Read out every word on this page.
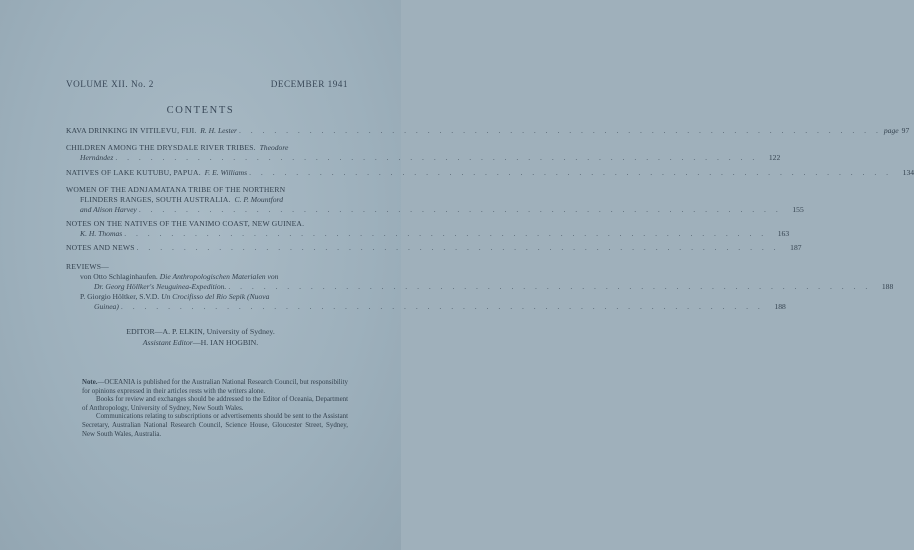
VOLUME XII. No. 2	DECEMBER 1941
CONTENTS
KAVA DRINKING IN VITILEVU, FIJI.
R. H. Lester . . . . . . . . . . . . . . . . . . . . . . . . . . . . . . . . . . . . . . . . . . . . . . . . . . . . . . . page 97
CHILDREN AMONG THE DRYSDALE RIVER TRIBES.
Theodore
Hernández . . . . . . . . . . . . . . . . . . . . . . . . . . . . . . . . . . . . . . . . . . . . . . . . . . . . . . .	122
NATIVES OF LAKE KUTUBU, PAPUA.
F. E. Williams . . . . . . . . . . . . . . . . . . . . . . . . . . . . . . . . . . . . . . . . . . . . . . . . . . . . . . .	134
WOMEN OF THE ADNJAMATANA TRIBE OF THE NORTHERN
FLINDERS RANGES, SOUTH AUSTRALIA.
C. P. Mountford
and Alison Harvey . . . . . . . . . . . . . . . . . . . . . . . . . . . . . . . . . . . . . . . . . . . . . . . . . . . . . . .	155
NOTES ON THE NATIVES OF THE VANIMO COAST, NEW GUINEA.
K. H. Thomas . . . . . . . . . . . . . . . . . . . . . . . . . . . . . . . . . . . . . . . . . . . . . . . . . . . . . . .	163
NOTES AND NEWS . . . . . . . . . . . . . . . . . . . . . . . . . . . . . . . . . . . . . . . . . . . . . . . . . . . . . . .	187
REVIEWS—
von Otto Schlaginhaufen.
Die Anthropologischen Materialen von
Dr. Georg Höllker's Neuguinea-Expedition. . . . . . . . . . . . . . . . . . . . . . . . . . . . . . . . . . . . . . . . . . . . . . . . . . . . . . . .	188
P. Giorgio Höltker, S.V.D.
Un Crocifisso del Rio Sepik (Nuova
Guinea) . . . . . . . . . . . . . . . . . . . . . . . . . . . . . . . . . . . . . . . . . . . . . . . . . . . . . . .	188
EDITOR—A. P. ELKIN, University of Sydney.
Assistant Editor—H. IAN HOGBIN.

Note.—OCEANIA is published for the Australian National Research Council, but responsibility for opinions expressed in their articles rests with the writers alone.

Books for review and exchanges should be addressed to the Editor of Oceania, Department of Anthropology, University of Sydney, New South Wales.

Communications relating to subscriptions or advertisements should be sent to the Assistant Secretary, Australian National Research Council, Science House, Gloucester Street, Sydney, New South Wales, Australia.
